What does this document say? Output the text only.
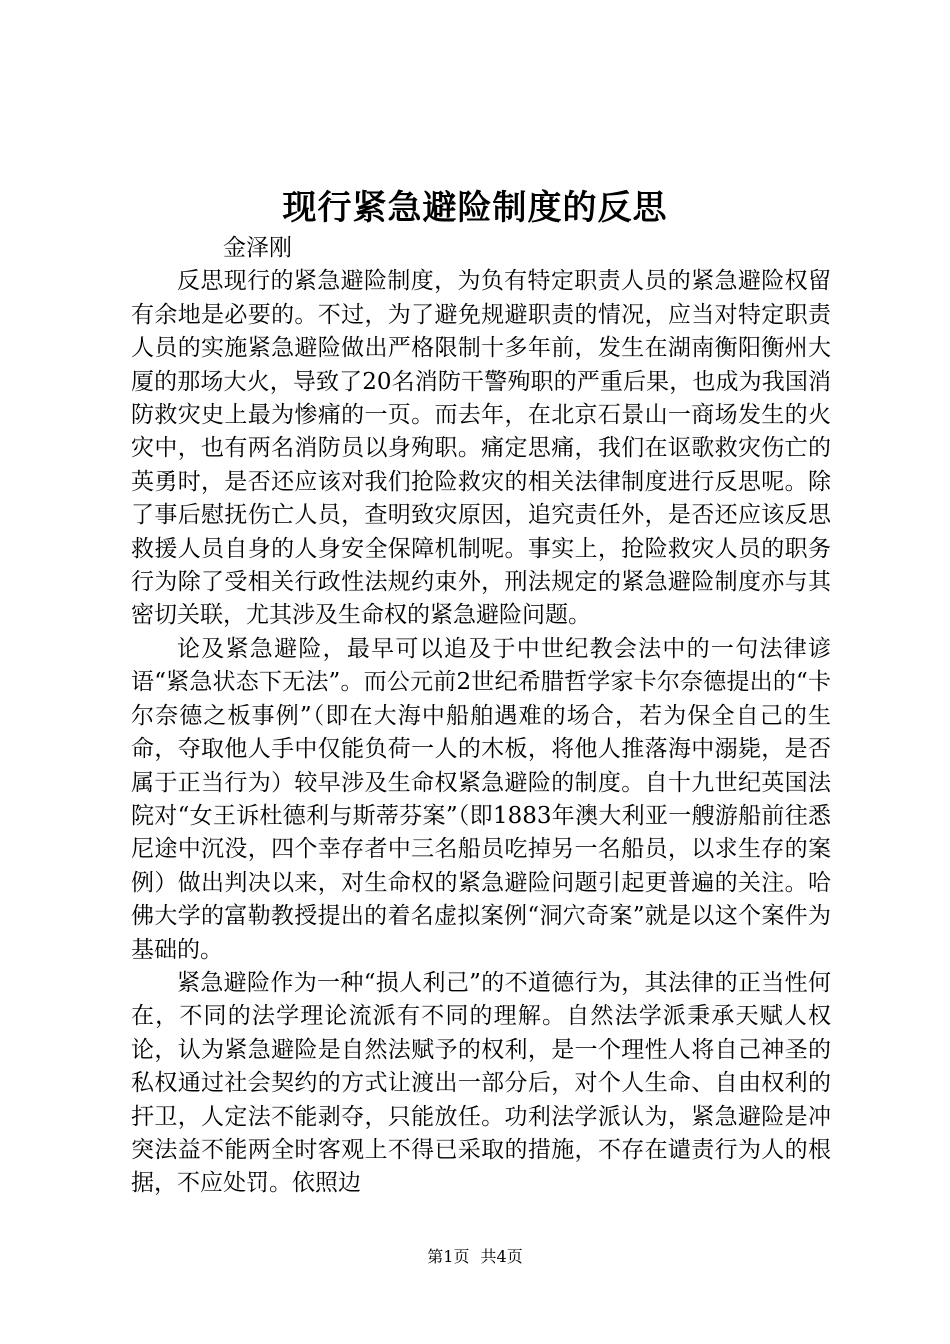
现行紧急避险制度的反思

金泽刚

反思现行的紧急避险制度，为负有特定职责人员的紧急避险权留有余地是必要的。不过，为了避免规避职责的情况，应当对特定职责人员的实施紧急避险做出严格限制十多年前，发生在湖南衡阳衡州大厦的那场大火，导致了20名消防干警殉职的严重后果，也成为我国消防救灾史上最为惨痛的一页。而去年，在北京石景山一商场发生的火灾中，也有两名消防员以身殉职。痛定思痛，我们在讴歌救灾伤亡的英勇时，是否还应该对我们抢险救灾的相关法律制度进行反思呢。除了事后慰抚伤亡人员，查明致灾原因，追究责任外，是否还应该反思救援人员自身的人身安全保障机制呢。事实上，抢险救灾人员的职务行为除了受相关行政性法规约束外，刑法规定的紧急避险制度亦与其密切关联，尤其涉及生命权的紧急避险问题。

论及紧急避险，最早可以追及于中世纪教会法中的一句法律谚语“紧急状态下无法”。而公元前2世纪希腊哲学家卡尔奈德提出的“卡尔奈德之板事例”（即在大海中船舶遇难的场合，若为保全自己的生命，夺取他人手中仅能负荷一人的木板，将他人推落海中溺毙，是否属于正当行为）较早涉及生命权紧急避险的制度。自十九世纪英国法院对“女王诉杜德利与斯蒂芬案”（即1883年澳大利亚一艘游船前往悉尼途中沉没，四个幸存者中三名船员吃掉另一名船员，以求生存的案例）做出判决以来，对生命权的紧急避险问题引起更普遍的关注。哈佛大学的富勒教授提出的着名虚拟案例“洞穴奇案”就是以这个案件为基础的。

紧急避险作为一种“损人利己”的不道德行为，其法律的正当性何在，不同的法学理论流派有不同的理解。自然法学派秉承天赋人权论，认为紧急避险是自然法赋予的权利，是一个理性人将自己神圣的私权通过社会契约的方式让渡出一部分后，对个人生命、自由权利的扞卫，人定法不能剥夺，只能放任。功利法学派认为，紧急避险是冲突法益不能两全时客观上不得已采取的措施，不存在谴责行为人的根据，不应处罚。依照边

第1页 共4页
